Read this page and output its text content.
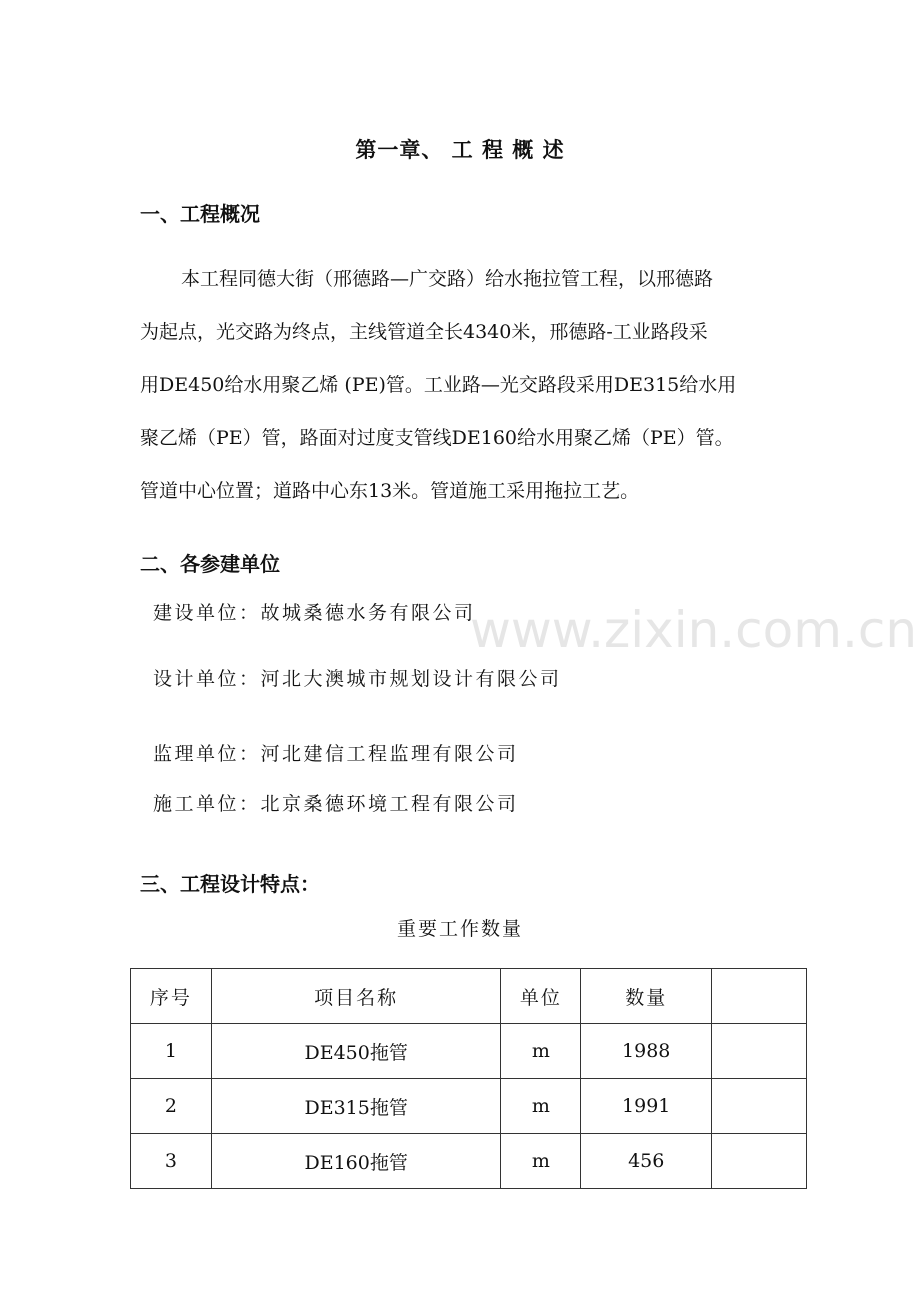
第一章、 工 程 概 述
一、工程概况

本工程同德大街（邢德路—广交路）给水拖拉管工程，以邢德路

为起点，光交路为终点，主线管道全长4340米，邢德路-工业路段采

用DE450给水用聚乙烯 (PE)管。工业路—光交路段采用DE315给水用

聚乙烯（PE）管，路面对过度支管线DE160给水用聚乙烯（PE）管。

管道中心位置；道路中心东13米。管道施工采用拖拉工艺。

二、各参建单位
www.zixin.com.cn
建设单位：故城桑德水务有限公司
设计单位：河北大澳城市规划设计有限公司
监理单位：河北建信工程监理有限公司
施工单位：北京桑德环境工程有限公司
三、工程设计特点：
重要工作数量
序号	项目名称	单位	数量	
1	DE450拖管	m	1988	
2	DE315拖管	m	1991	
3	DE160拖管	m	456	
